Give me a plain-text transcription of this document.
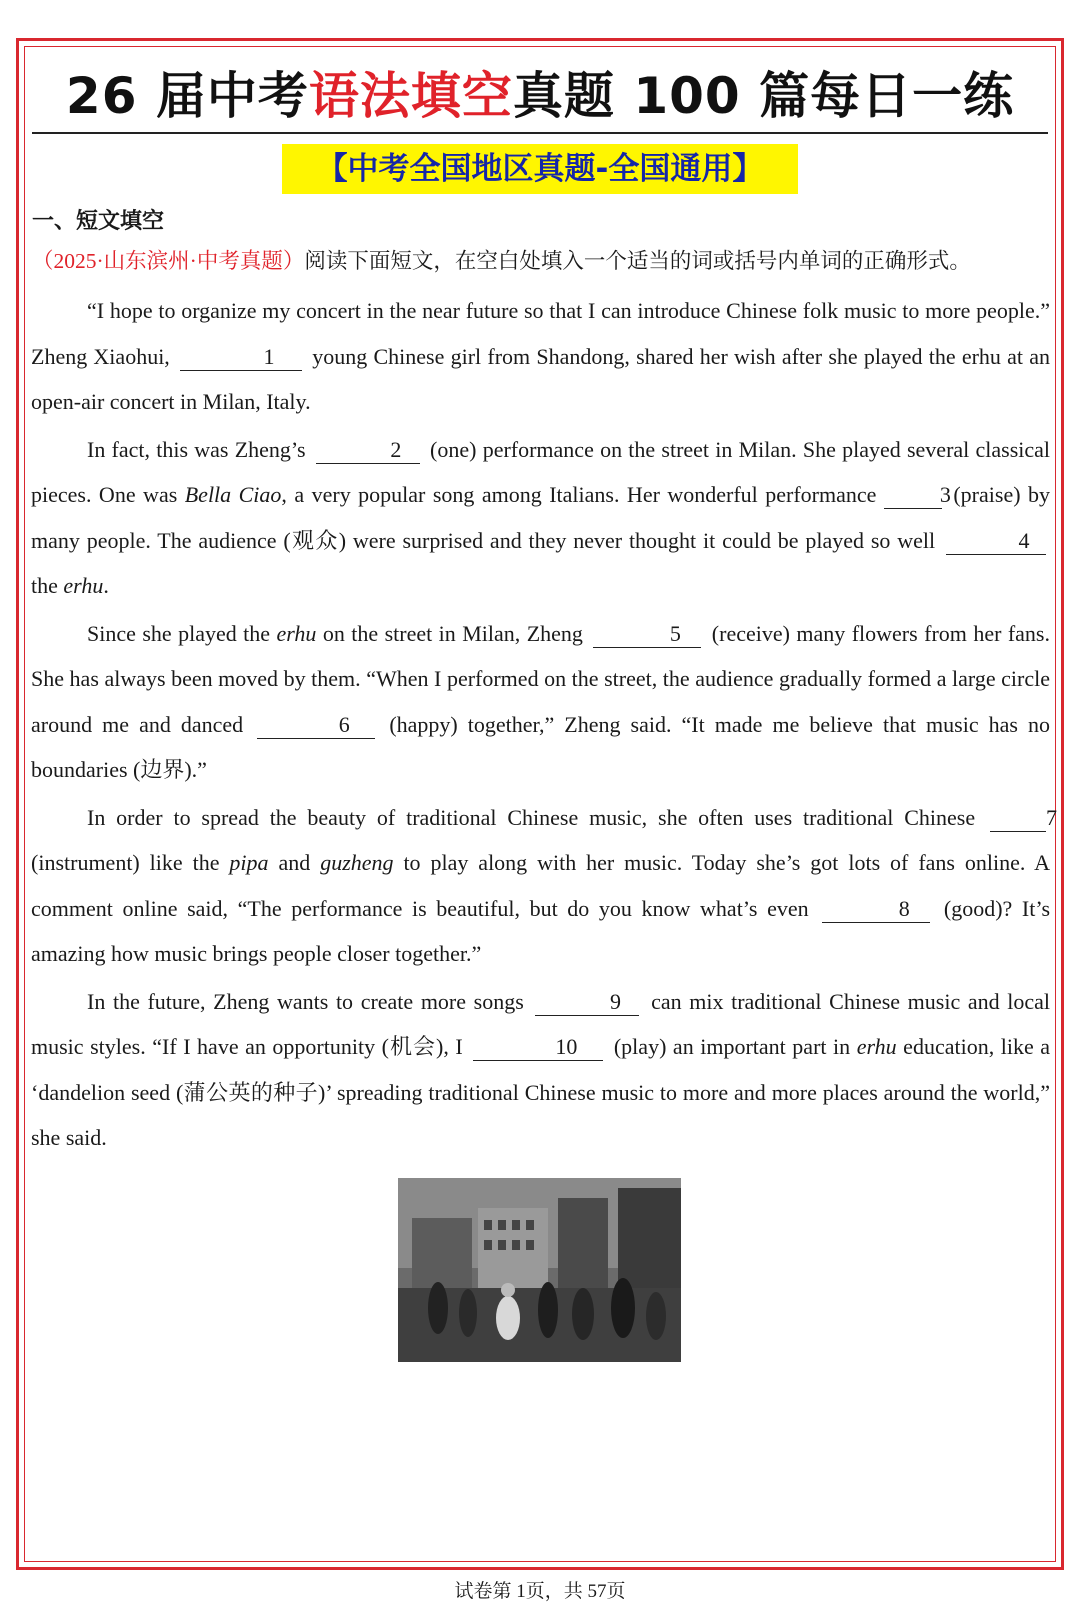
26 届中考语法填空真题 100 篇每日一练
【中考全国地区真题-全国通用】
一、短文填空
（2025·山东滨州·中考真题）阅读下面短文，在空白处填入一个适当的词或括号内单词的正确形式。

“I hope to organize my concert in the near future so that I can introduce Chinese folk music to more people.” Zheng Xiaohui,	1 young Chinese girl from Shandong, shared her wish after she played the erhu at an open-air concert in Milan, Italy.

In fact, this was Zheng’s	2 (one) performance on the street in Milan. She played several classical pieces. One was Bella Ciao, a very popular song among Italians. Her wonderful performance	3 (praise) by many people. The audience (观众) were surprised and they never thought it could be played so well	4 the erhu.

Since she played the erhu on the street in Milan, Zheng	5 (receive) many flowers from her fans. She has always been moved by them. “When I performed on the street, the audience gradually formed a large circle around me and danced	6 (happy) together,” Zheng said. “It made me believe that music has no boundaries (边界).”

In order to spread the beauty of traditional Chinese music, she often uses traditional Chinese	7 (instrument) like the pipa and guzheng to play along with her music. Today she’s got lots of fans online. A comment online said, “The performance is beautiful, but do you know what’s even	8 (good)? It’s amazing how music brings people closer together.”

In the future, Zheng wants to create more songs	9 can mix traditional Chinese music and local music styles. “If I have an opportunity (机会), I	10 (play) an important part in erhu education, like a ‘dandelion seed (蒲公英的种子)’ spreading traditional Chinese music to more and more places around the world,” she said.

试卷第 1页，共 57页
